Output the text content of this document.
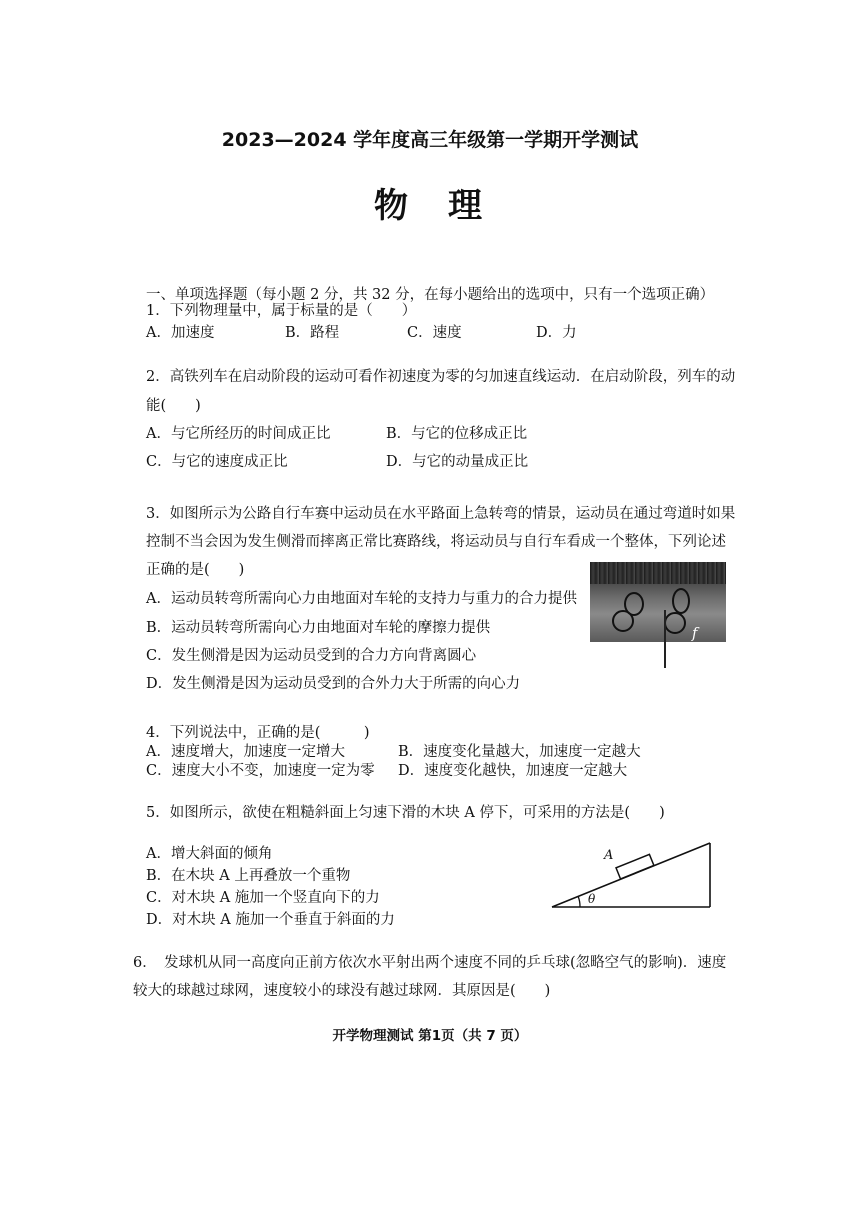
2023—2024 学年度高三年级第一学期开学测试
物 理
一、单项选择题（每小题 2 分，共 32 分，在每小题给出的选项中，只有一个选项正确）
1．下列物理量中，属于标量的是（　　）
A．加速度	B．路程	C．速度	D．力
2．高铁列车在启动阶段的运动可看作初速度为零的匀加速直线运动．在启动阶段，列车的动
能(　　)
A．与它所经历的时间成正比	B．与它的位移成正比
C．与它的速度成正比	D．与它的动量成正比
3．如图所示为公路自行车赛中运动员在水平路面上急转弯的情景，运动员在通过弯道时如果
控制不当会因为发生侧滑而摔离正常比赛路线，将运动员与自行车看成一个整体，下列论述
正确的是(　　)
A．运动员转弯所需向心力由地面对车轮的支持力与重力的合力提供
B．运动员转弯所需向心力由地面对车轮的摩擦力提供
C．发生侧滑是因为运动员受到的合力方向背离圆心
D．发生侧滑是因为运动员受到的合外力大于所需的向心力
f
4．下列说法中，正确的是(　　　)
A．速度增大，加速度一定增大	B．速度变化量越大，加速度一定越大
C．速度大小不变，加速度一定为零 D．速度变化越快，加速度一定越大
5．如图所示，欲使在粗糙斜面上匀速下滑的木块 A 停下，可采用的方法是(　　)
A．增大斜面的倾角
B．在木块 A 上再叠放一个重物
C．对木块 A 施加一个竖直向下的力
D．对木块 A 施加一个垂直于斜面的力
A
θ
6．　发球机从同一高度向正前方依次水平射出两个速度不同的乒乓球(忽略空气的影响)．速度
较大的球越过球网，速度较小的球没有越过球网．其原因是(　　)
开学物理测试 第1页（共 7 页）
